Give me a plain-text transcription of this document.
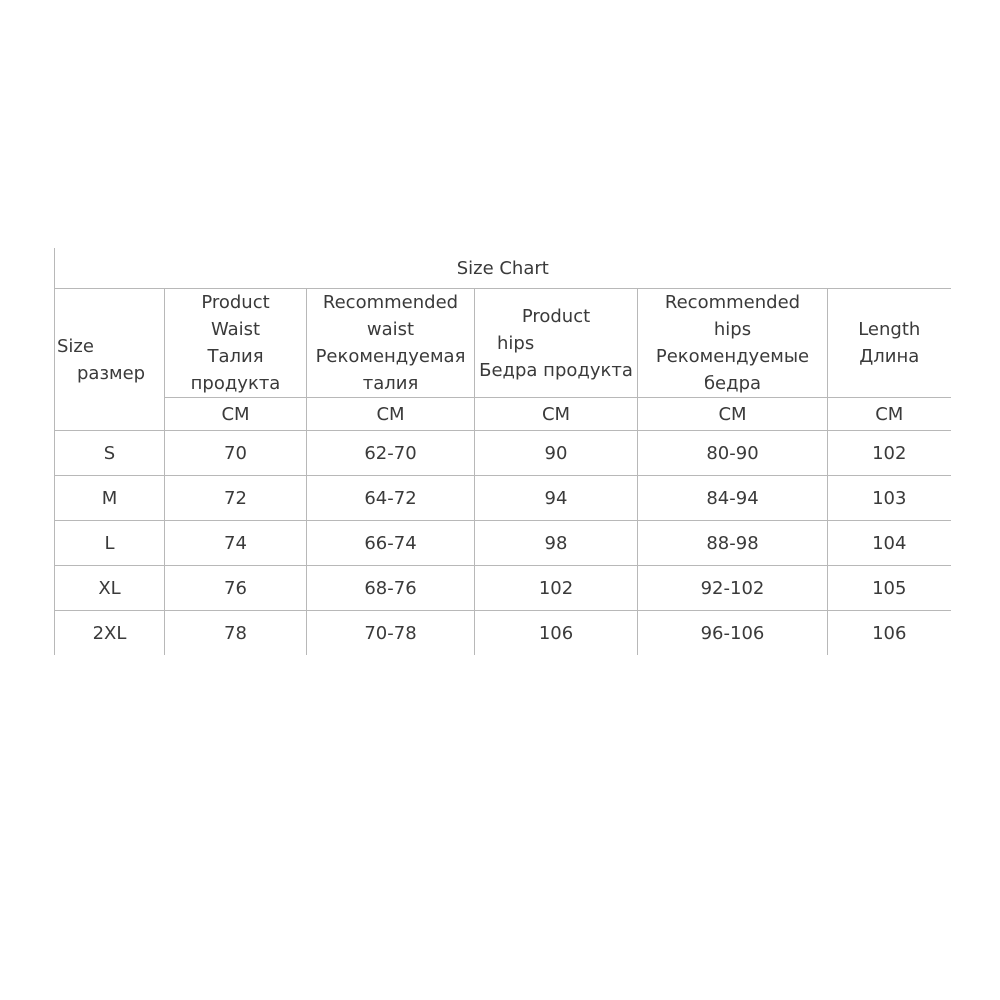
Size Chart					

Size
размер	Product
Waist
Талия
продукта	Recommended
waist
Рекомендуемая
талия	Product
hips
Бедра продукта	Recommended
hips
Рекомендуемые
бедра	Length
Длина

	CM	CM	CM	CM	CM
S	70	62-70	90	80-90	102
M	72	64-72	94	84-94	103
L	74	66-74	98	88-98	104
XL	76	68-76	102	92-102	105
2XL	78	70-78	106	96-106	106
